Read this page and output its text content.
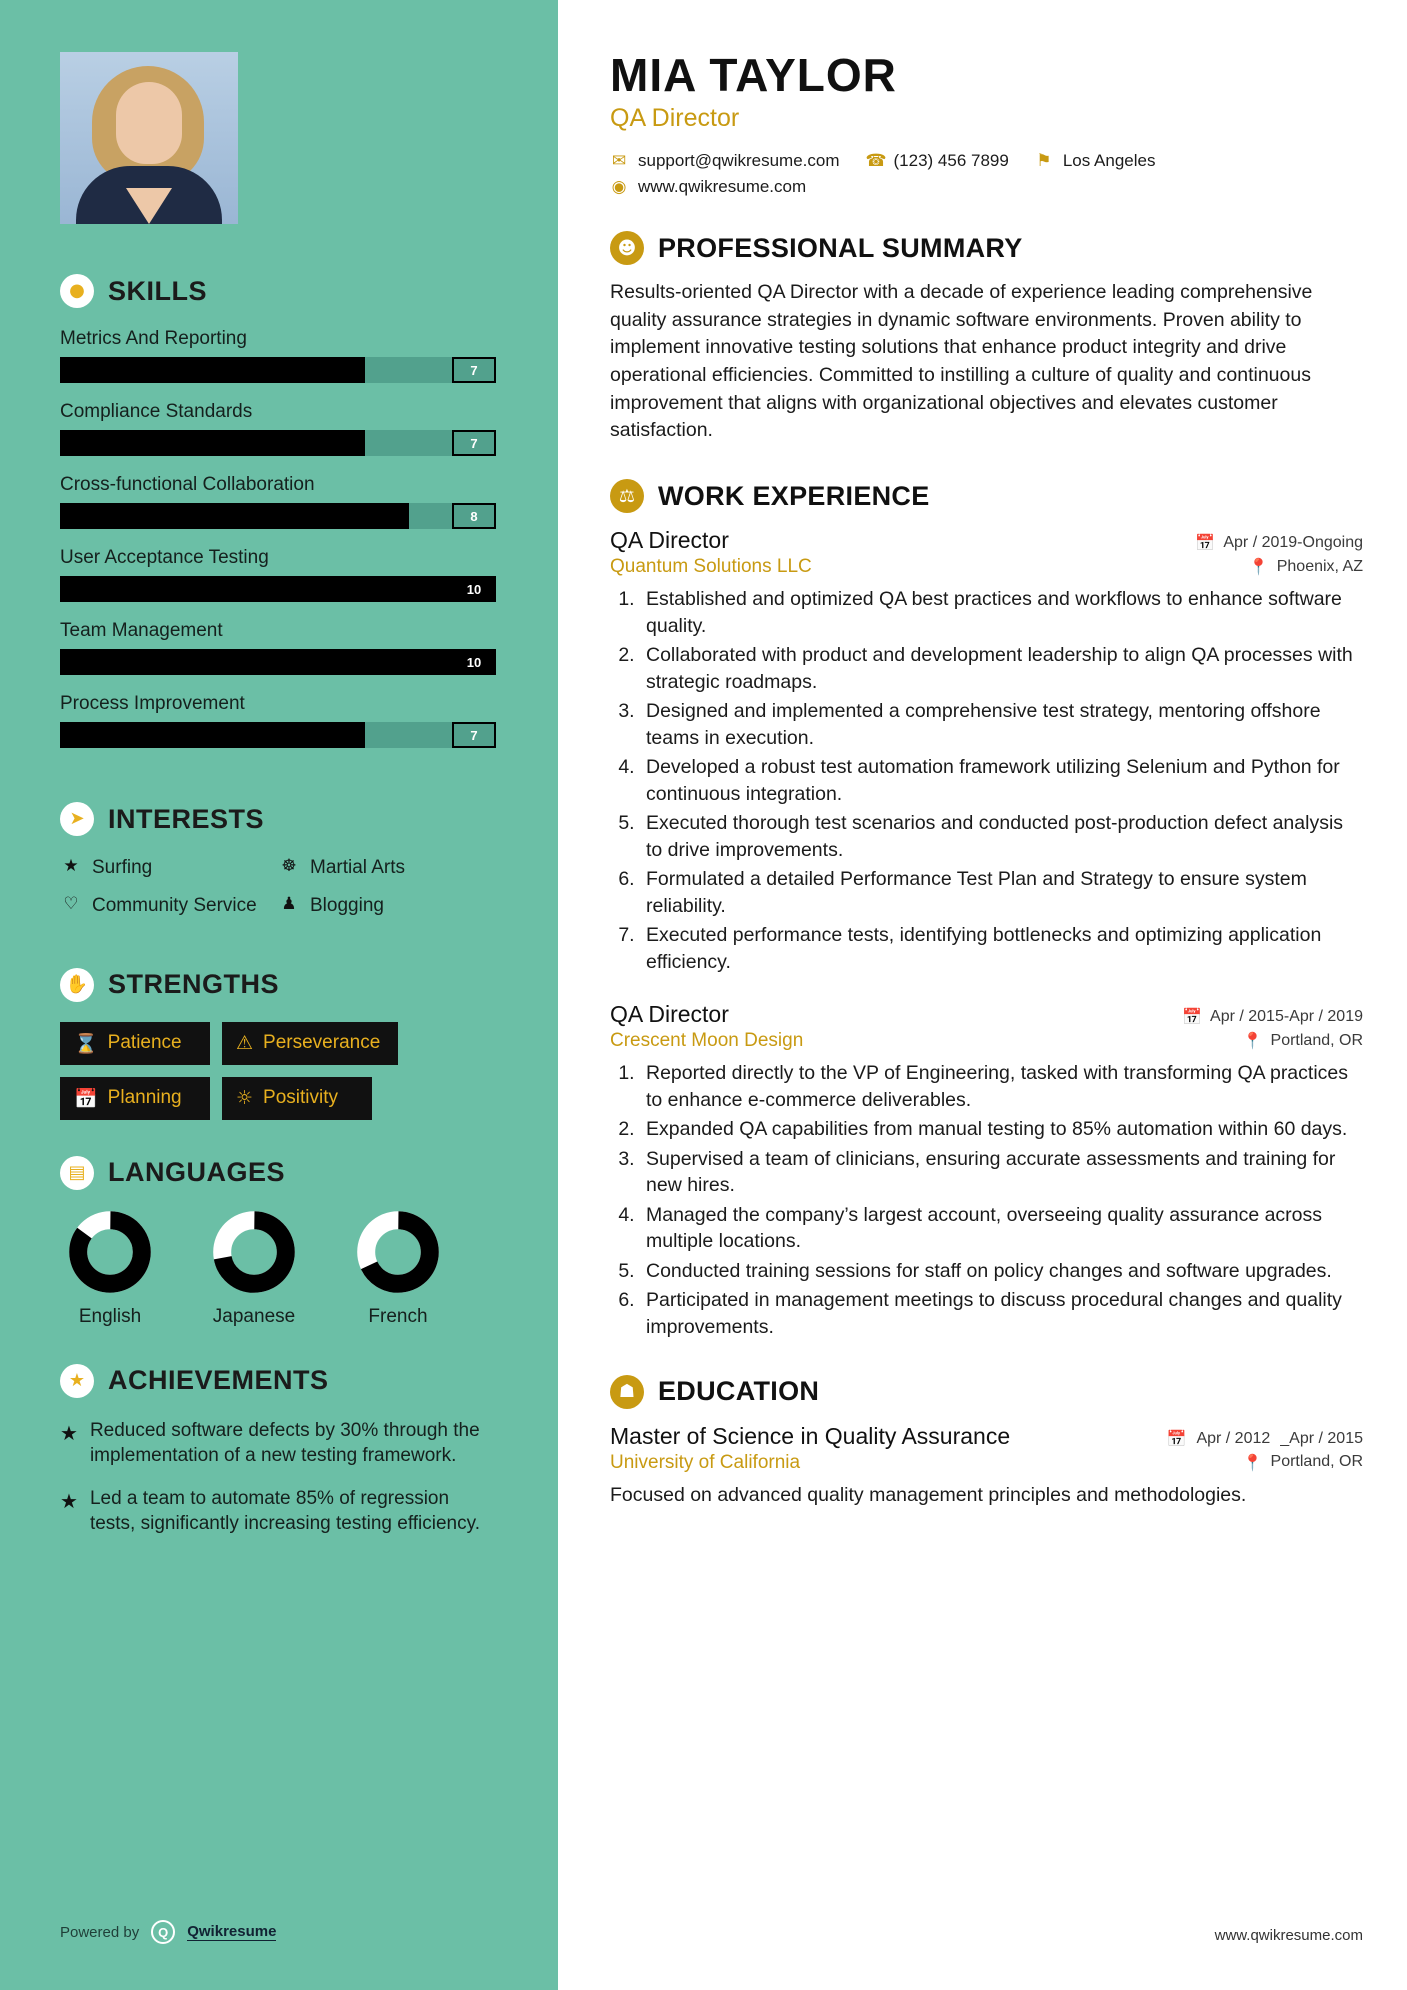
● SKILLS
Metrics And Reporting
7
Compliance Standards
7
Cross-functional Collaboration
8
User Acceptance Testing
10
Team Management
10
Process Improvement
7
➤ INTERESTS
★ Surfing	☸ Martial Arts
♡ Community Service ♟ Blogging
✋ STRENGTHS
⌛ Patience	⚠ Perseverance
📅 Planning	☼ Positivity
▤ LANGUAGES
English	Japanese	French
★ ACHIEVEMENTS
★ Reduced software defects by 30% through the implementation of a new testing framework.
★ Led a team to automate 85% of regression tests, significantly increasing testing efficiency.
Powered by	Q	Qwikresume
MIA TAYLOR
QA Director
✉ support@qwikresume.com ☎ (123) 456 7899 ⚑ Los Angeles
◉ www.qwikresume.com
☻ PROFESSIONAL SUMMARY

Results-oriented QA Director with a decade of experience leading comprehensive quality assurance strategies in dynamic software environments. Proven ability to implement innovative testing solutions that enhance product integrity and drive operational efficiencies. Committed to instilling a culture of quality and continuous improvement that aligns with organizational objectives and elevates customer satisfaction.

⚖ WORK EXPERIENCE
QA Director	📅 Apr / 2019-Ongoing
Quantum Solutions LLC	📍 Phoenix, AZ
1. Established and optimized QA best practices and workflows to enhance software quality.
2. Collaborated with product and development leadership to align QA processes with strategic roadmaps.
3. Designed and implemented a comprehensive test strategy, mentoring offshore teams in execution.
4. Developed a robust test automation framework utilizing Selenium and Python for continuous integration.
5. Executed thorough test scenarios and conducted post-production defect analysis to drive improvements.
6. Formulated a detailed Performance Test Plan and Strategy to ensure system reliability.
7. Executed performance tests, identifying bottlenecks and optimizing application efficiency.
QA Director	📅 Apr / 2015-Apr / 2019
Crescent Moon Design	📍 Portland, OR
1. Reported directly to the VP of Engineering, tasked with transforming QA practices to enhance e-commerce deliverables.
2. Expanded QA capabilities from manual testing to 85% automation within 60 days.
3. Supervised a team of clinicians, ensuring accurate assessments and training for new hires.
4. Managed the company’s largest account, overseeing quality assurance across multiple locations.
5. Conducted training sessions for staff on policy changes and software upgrades.
6. Participated in management meetings to discuss procedural changes and quality improvements.
☗ EDUCATION
Master of Science in Quality Assurance	📅 Apr / 2012 _Apr / 2015
University of California	📍 Portland, OR
Focused on advanced quality management principles and methodologies.
www.qwikresume.com
